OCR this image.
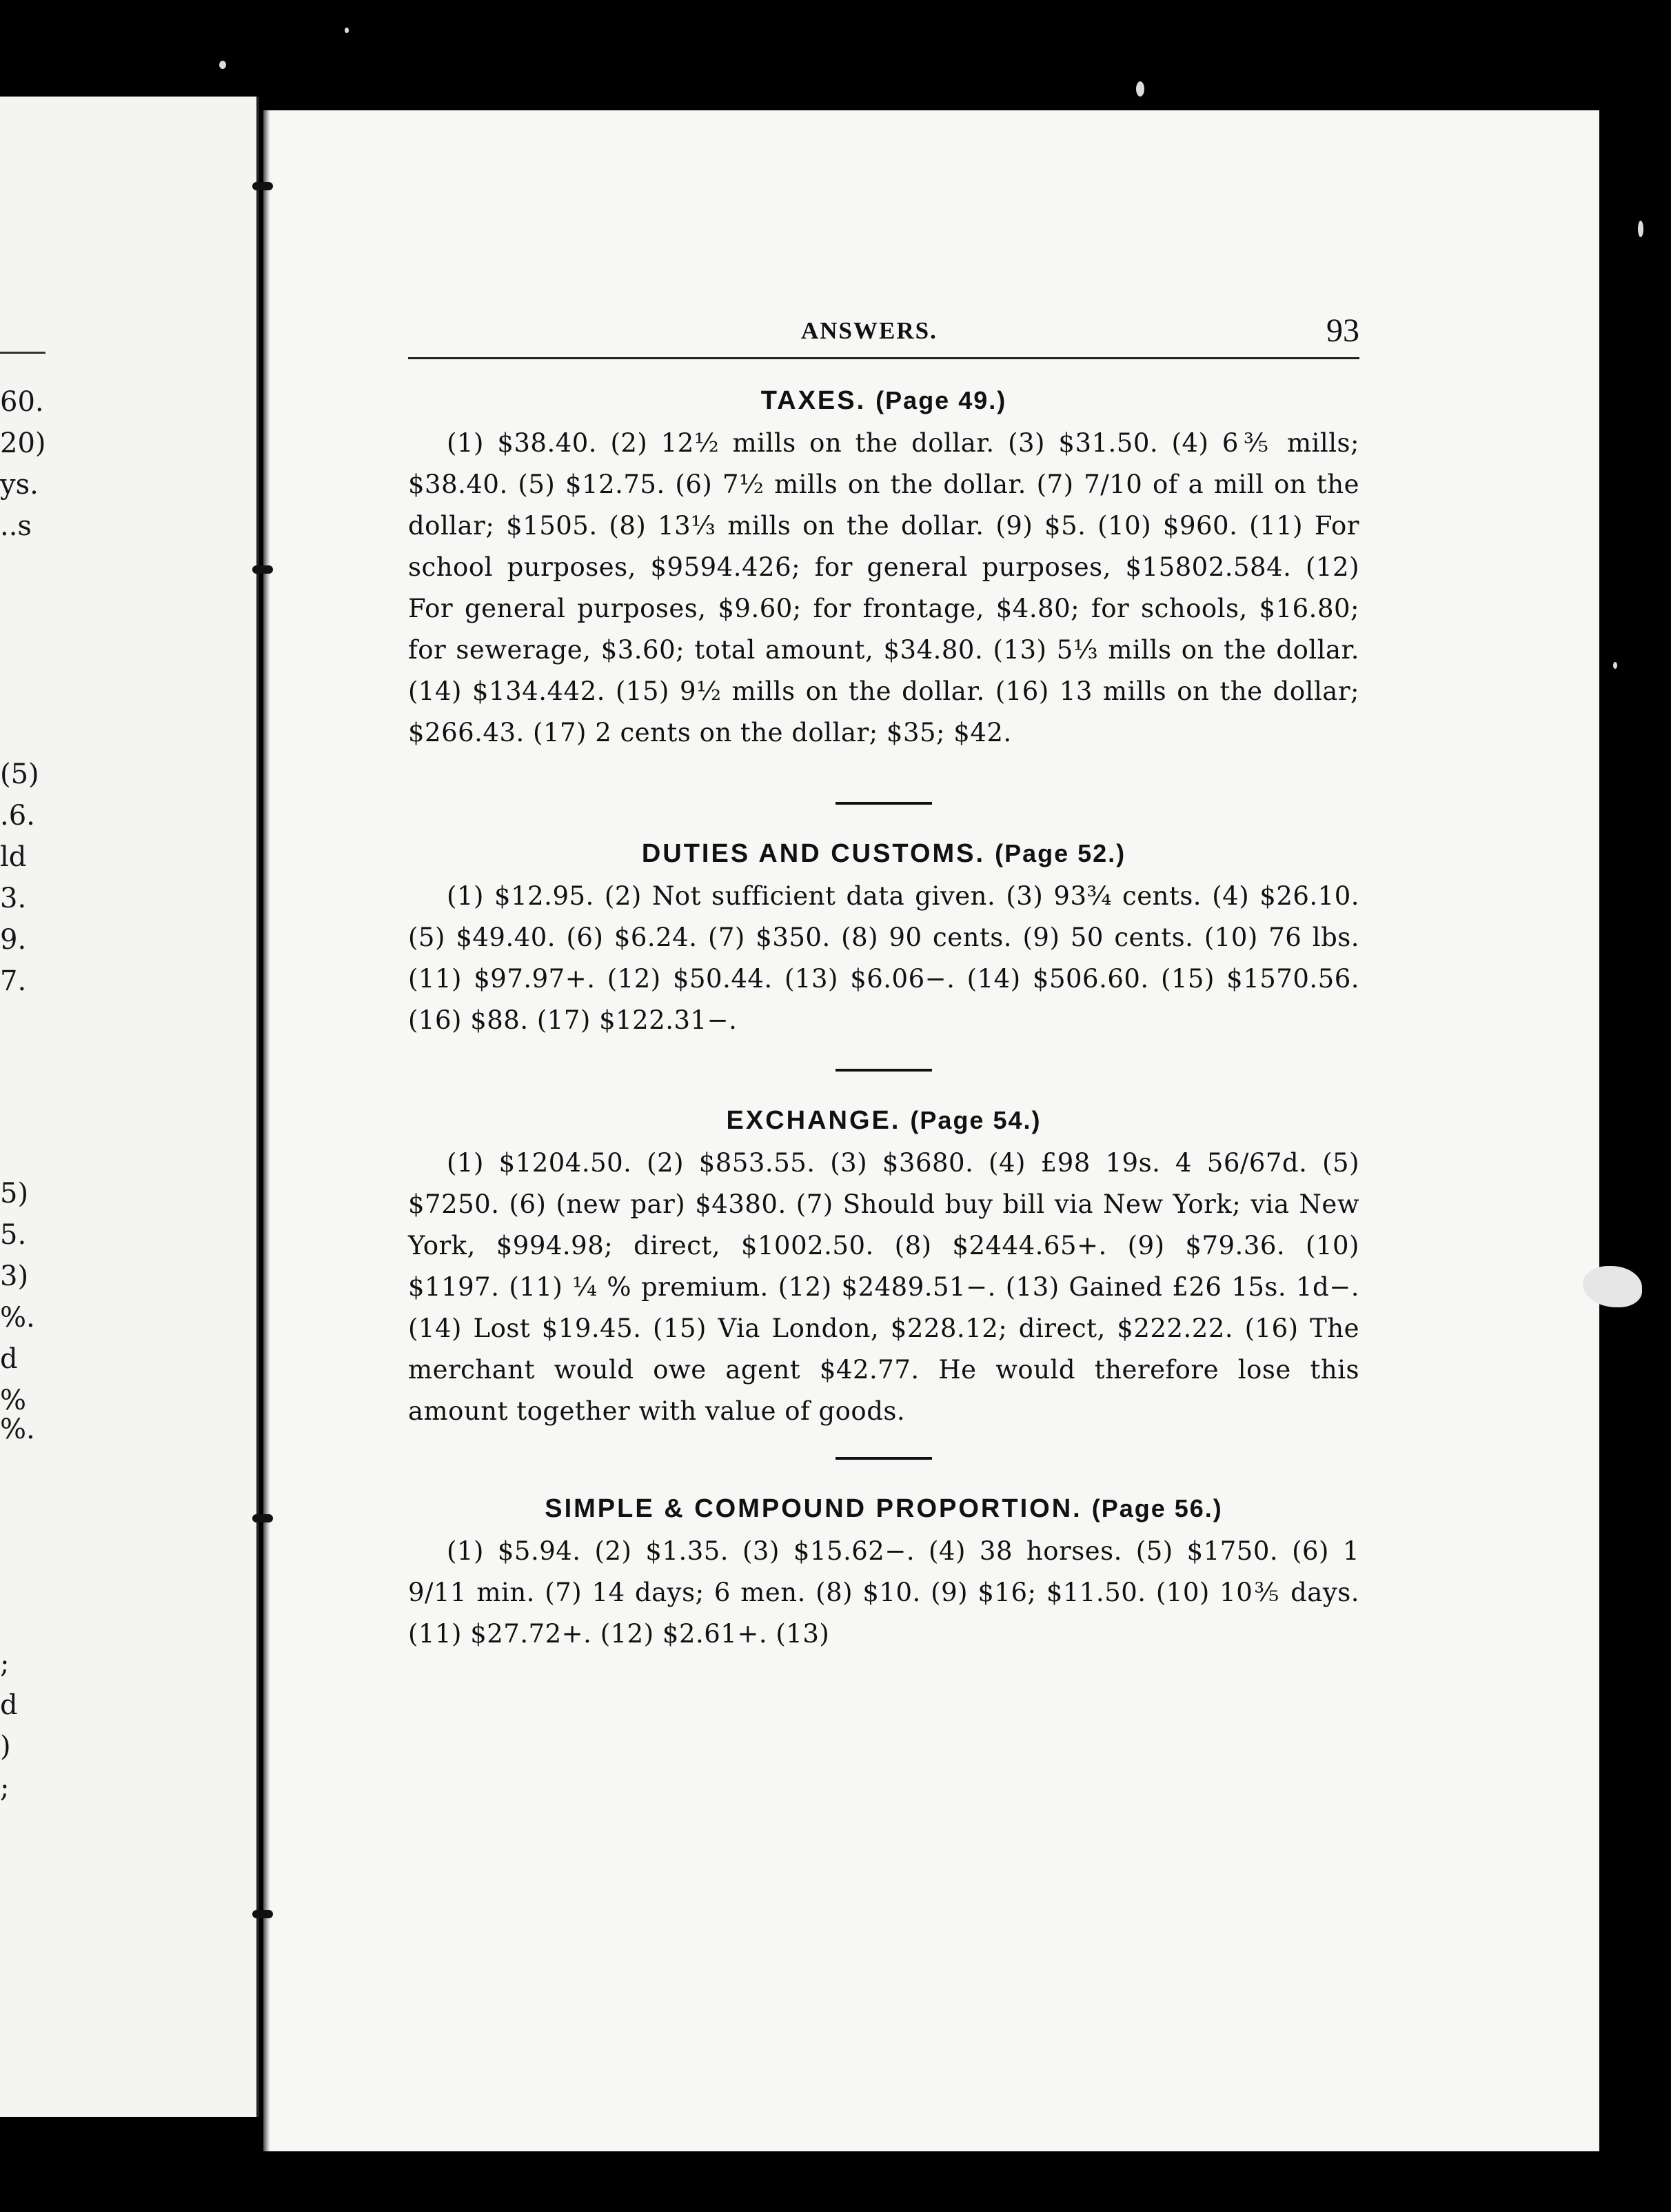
60.
20)
ys.
..s
(5)
.6.
ld
3.
9.
7.
5)
5.
3)
%.
d
%
%.
;
d
)
;
ANSWERS.	93

TAXES. (Page 49.)

(1) $38.40. (2) 12½ mills on the dollar. (3) $31.50. (4) 6⅗ mills; $38.40. (5) $12.75. (6) 7½ mills on the dollar. (7) 7/10 of a mill on the dollar; $1505. (8) 13⅓ mills on the dollar. (9) $5. (10) $960. (11) For school purposes, $9594.426; for general purposes, $15802.584. (12) For general purposes, $9.60; for frontage, $4.80; for schools, $16.80; for sewerage, $3.60; total amount, $34.80. (13) 5⅓ mills on the dollar. (14) $134.442. (15) 9½ mills on the dollar. (16) 13 mills on the dollar; $266.43. (17) 2 cents on the dollar; $35; $42.

DUTIES AND CUSTOMS. (Page 52.)

(1) $12.95. (2) Not sufficient data given. (3) 93¾ cents. (4) $26.10. (5) $49.40. (6) $6.24. (7) $350. (8) 90 cents. (9) 50 cents. (10) 76 lbs. (11) $97.97+. (12) $50.44. (13) $6.06−. (14) $506.60. (15) $1570.56. (16) $88. (17) $122.31−.

EXCHANGE. (Page 54.)

(1) $1204.50. (2) $853.55. (3) $3680. (4) £98 19s. 4 56/67d. (5) $7250. (6) (new par) $4380. (7) Should buy bill via New York; via New York, $994.98; direct, $1002.50. (8) $2444.65+. (9) $79.36. (10) $1197. (11) ¼ % premium. (12) $2489.51−. (13) Gained £26 15s. 1d−. (14) Lost $19.45. (15) Via London, $228.12; direct, $222.22. (16) The merchant would owe agent $42.77. He would therefore lose this amount together with value of goods.

SIMPLE & COMPOUND PROPORTION. (Page 56.)

(1) $5.94. (2) $1.35. (3) $15.62−. (4) 38 horses. (5) $1750. (6) 1 9/11 min. (7) 14 days; 6 men. (8) $10. (9) $16; $11.50. (10) 10⅗ days. (11) $27.72+. (12) $2.61+. (13)
